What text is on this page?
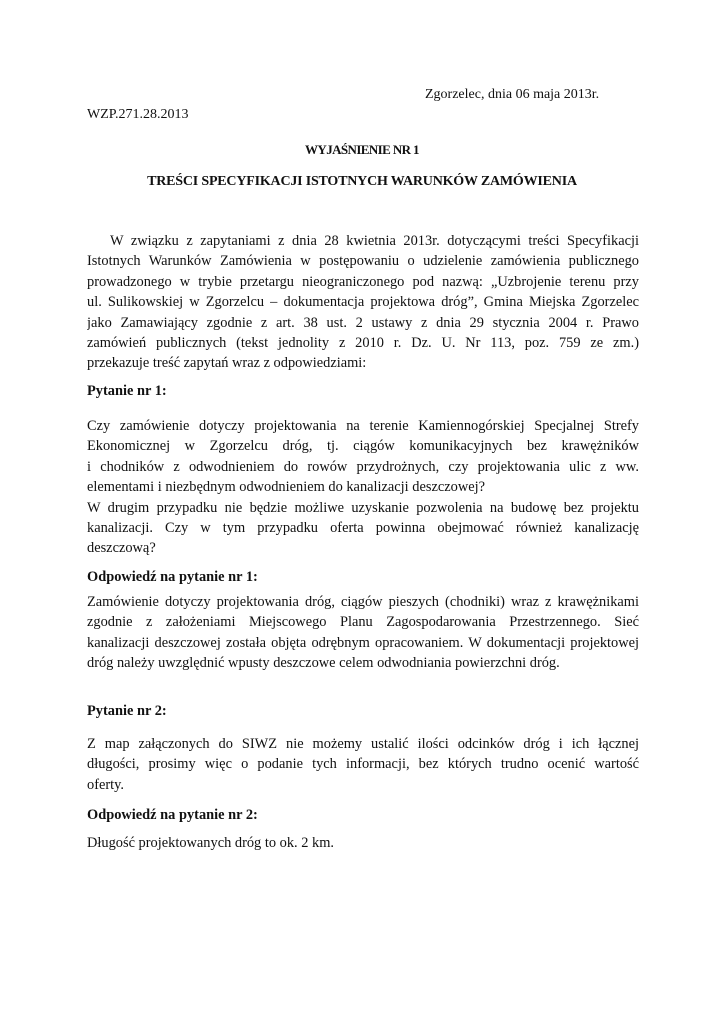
Zgorzelec, dnia 06 maja 2013r.
WZP.271.28.2013
WYJAŚNIENIE NR 1
TREŚCI SPECYFIKACJI ISTOTNYCH WARUNKÓW ZAMÓWIENIA
W związku z zapytaniami z dnia 28 kwietnia 2013r. dotyczącymi treści Specyfikacji
Istotnych Warunków Zamówienia w postępowaniu o udzielenie zamówienia publicznego
prowadzonego w trybie przetargu nieograniczonego pod nazwą: „Uzbrojenie terenu przy
ul. Sulikowskiej w Zgorzelcu – dokumentacja projektowa dróg”, Gmina Miejska Zgorzelec
jako Zamawiający zgodnie z art. 38 ust. 2 ustawy z dnia 29 stycznia 2004 r. Prawo
zamówień publicznych (tekst jednolity z 2010 r. Dz. U. Nr 113, poz. 759 ze zm.)
przekazuje treść zapytań wraz z odpowiedziami:
Pytanie nr 1:
Czy zamówienie dotyczy projektowania na terenie Kamiennogórskiej Specjalnej Strefy
Ekonomicznej w Zgorzelcu dróg, tj. ciągów komunikacyjnych bez krawężników
i chodników z odwodnieniem do rowów przydrożnych, czy projektowania ulic z ww.
elementami i niezbędnym odwodnieniem do kanalizacji deszczowej?
W drugim przypadku nie będzie możliwe uzyskanie pozwolenia na budowę bez projektu
kanalizacji. Czy w tym przypadku oferta powinna obejmować również kanalizację
deszczową?
Odpowiedź na pytanie nr 1:
Zamówienie dotyczy projektowania dróg, ciągów pieszych (chodniki) wraz z krawężnikami
zgodnie z założeniami Miejscowego Planu Zagospodarowania Przestrzennego. Sieć
kanalizacji deszczowej została objęta odrębnym opracowaniem. W dokumentacji projektowej
dróg należy uwzględnić wpusty deszczowe celem odwodniania powierzchni dróg.
Pytanie nr 2:
Z map załączonych do SIWZ nie możemy ustalić ilości odcinków dróg i ich łącznej
długości, prosimy więc o podanie tych informacji, bez których trudno ocenić wartość
oferty.
Odpowiedź na pytanie nr 2:
Długość projektowanych dróg to ok. 2 km.
